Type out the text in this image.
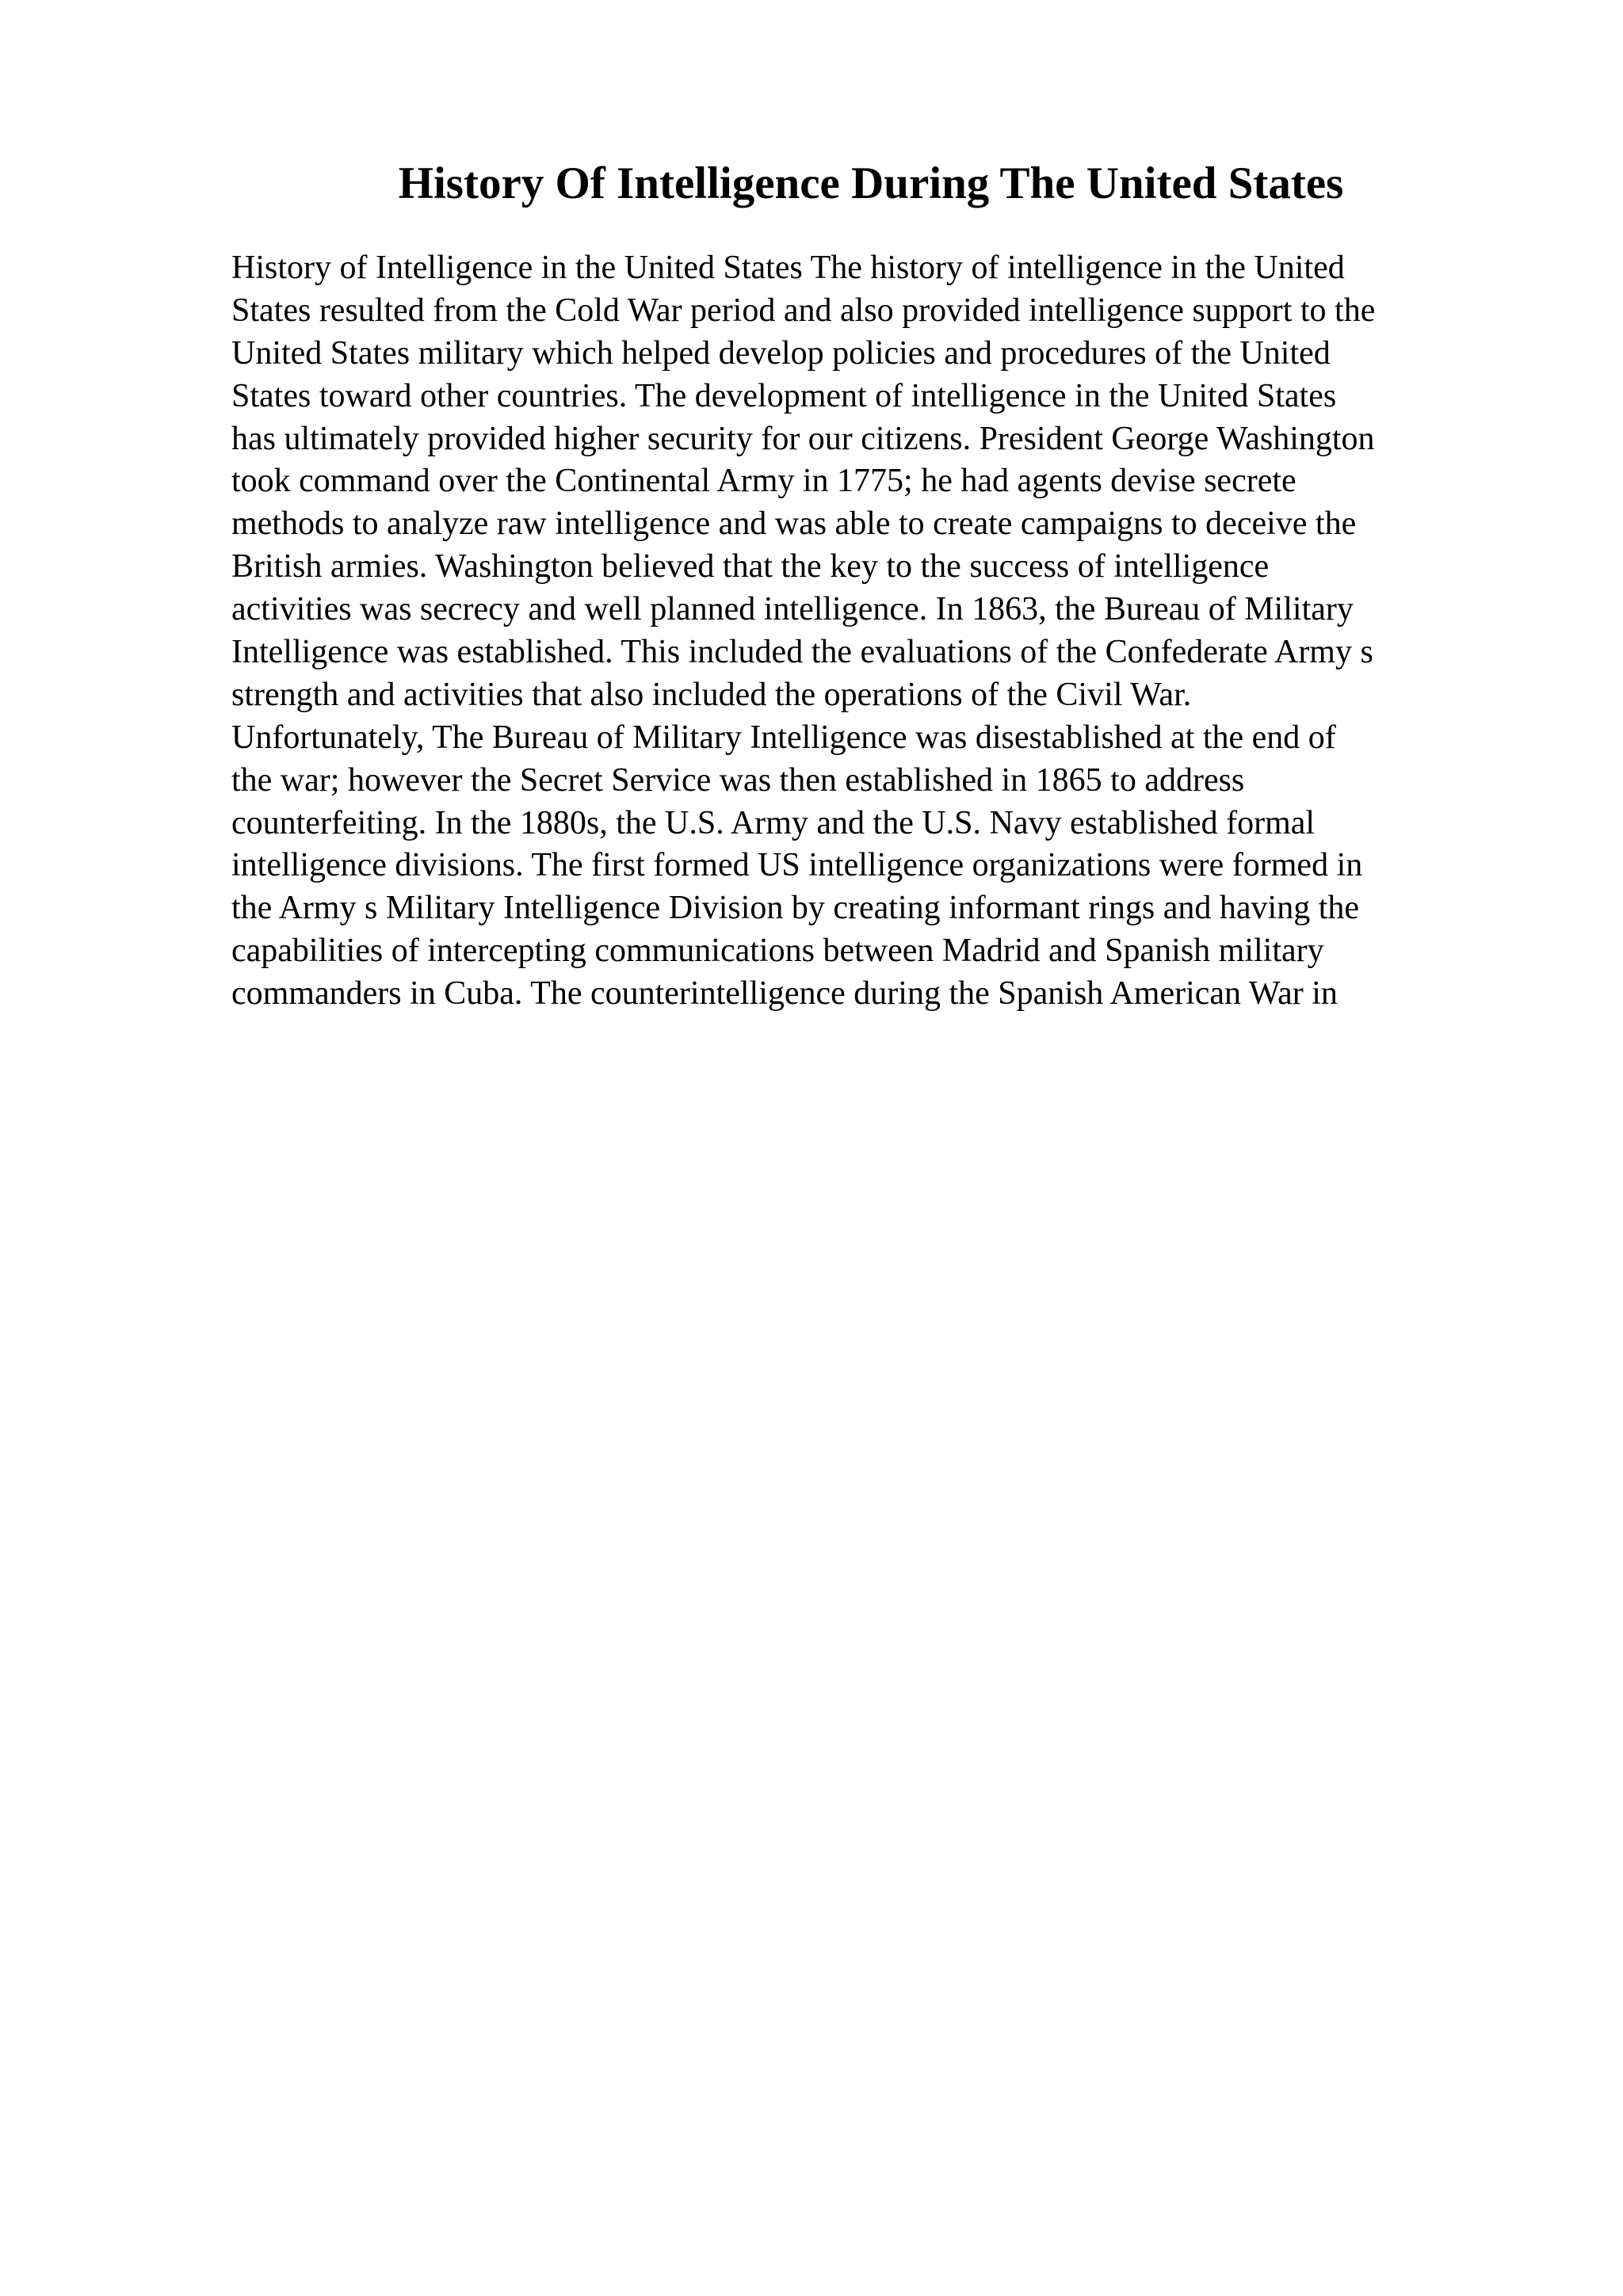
History Of Intelligence During The United States
History of Intelligence in the United States The history of intelligence in the United
States resulted from the Cold War period and also provided intelligence support to the
United States military which helped develop policies and procedures of the United
States toward other countries. The development of intelligence in the United States
has ultimately provided higher security for our citizens. President George Washington
took command over the Continental Army in 1775; he had agents devise secrete
methods to analyze raw intelligence and was able to create campaigns to deceive the
British armies. Washington believed that the key to the success of intelligence
activities was secrecy and well planned intelligence. In 1863, the Bureau of Military
Intelligence was established. This included the evaluations of the Confederate Army s
strength and activities that also included the operations of the Civil War.
Unfortunately, The Bureau of Military Intelligence was disestablished at the end of
the war; however the Secret Service was then established in 1865 to address
counterfeiting. In the 1880s, the U.S. Army and the U.S. Navy established formal
intelligence divisions. The first formed US intelligence organizations were formed in
the Army s Military Intelligence Division by creating informant rings and having the
capabilities of intercepting communications between Madrid and Spanish military
commanders in Cuba. The counterintelligence during the Spanish American War in
